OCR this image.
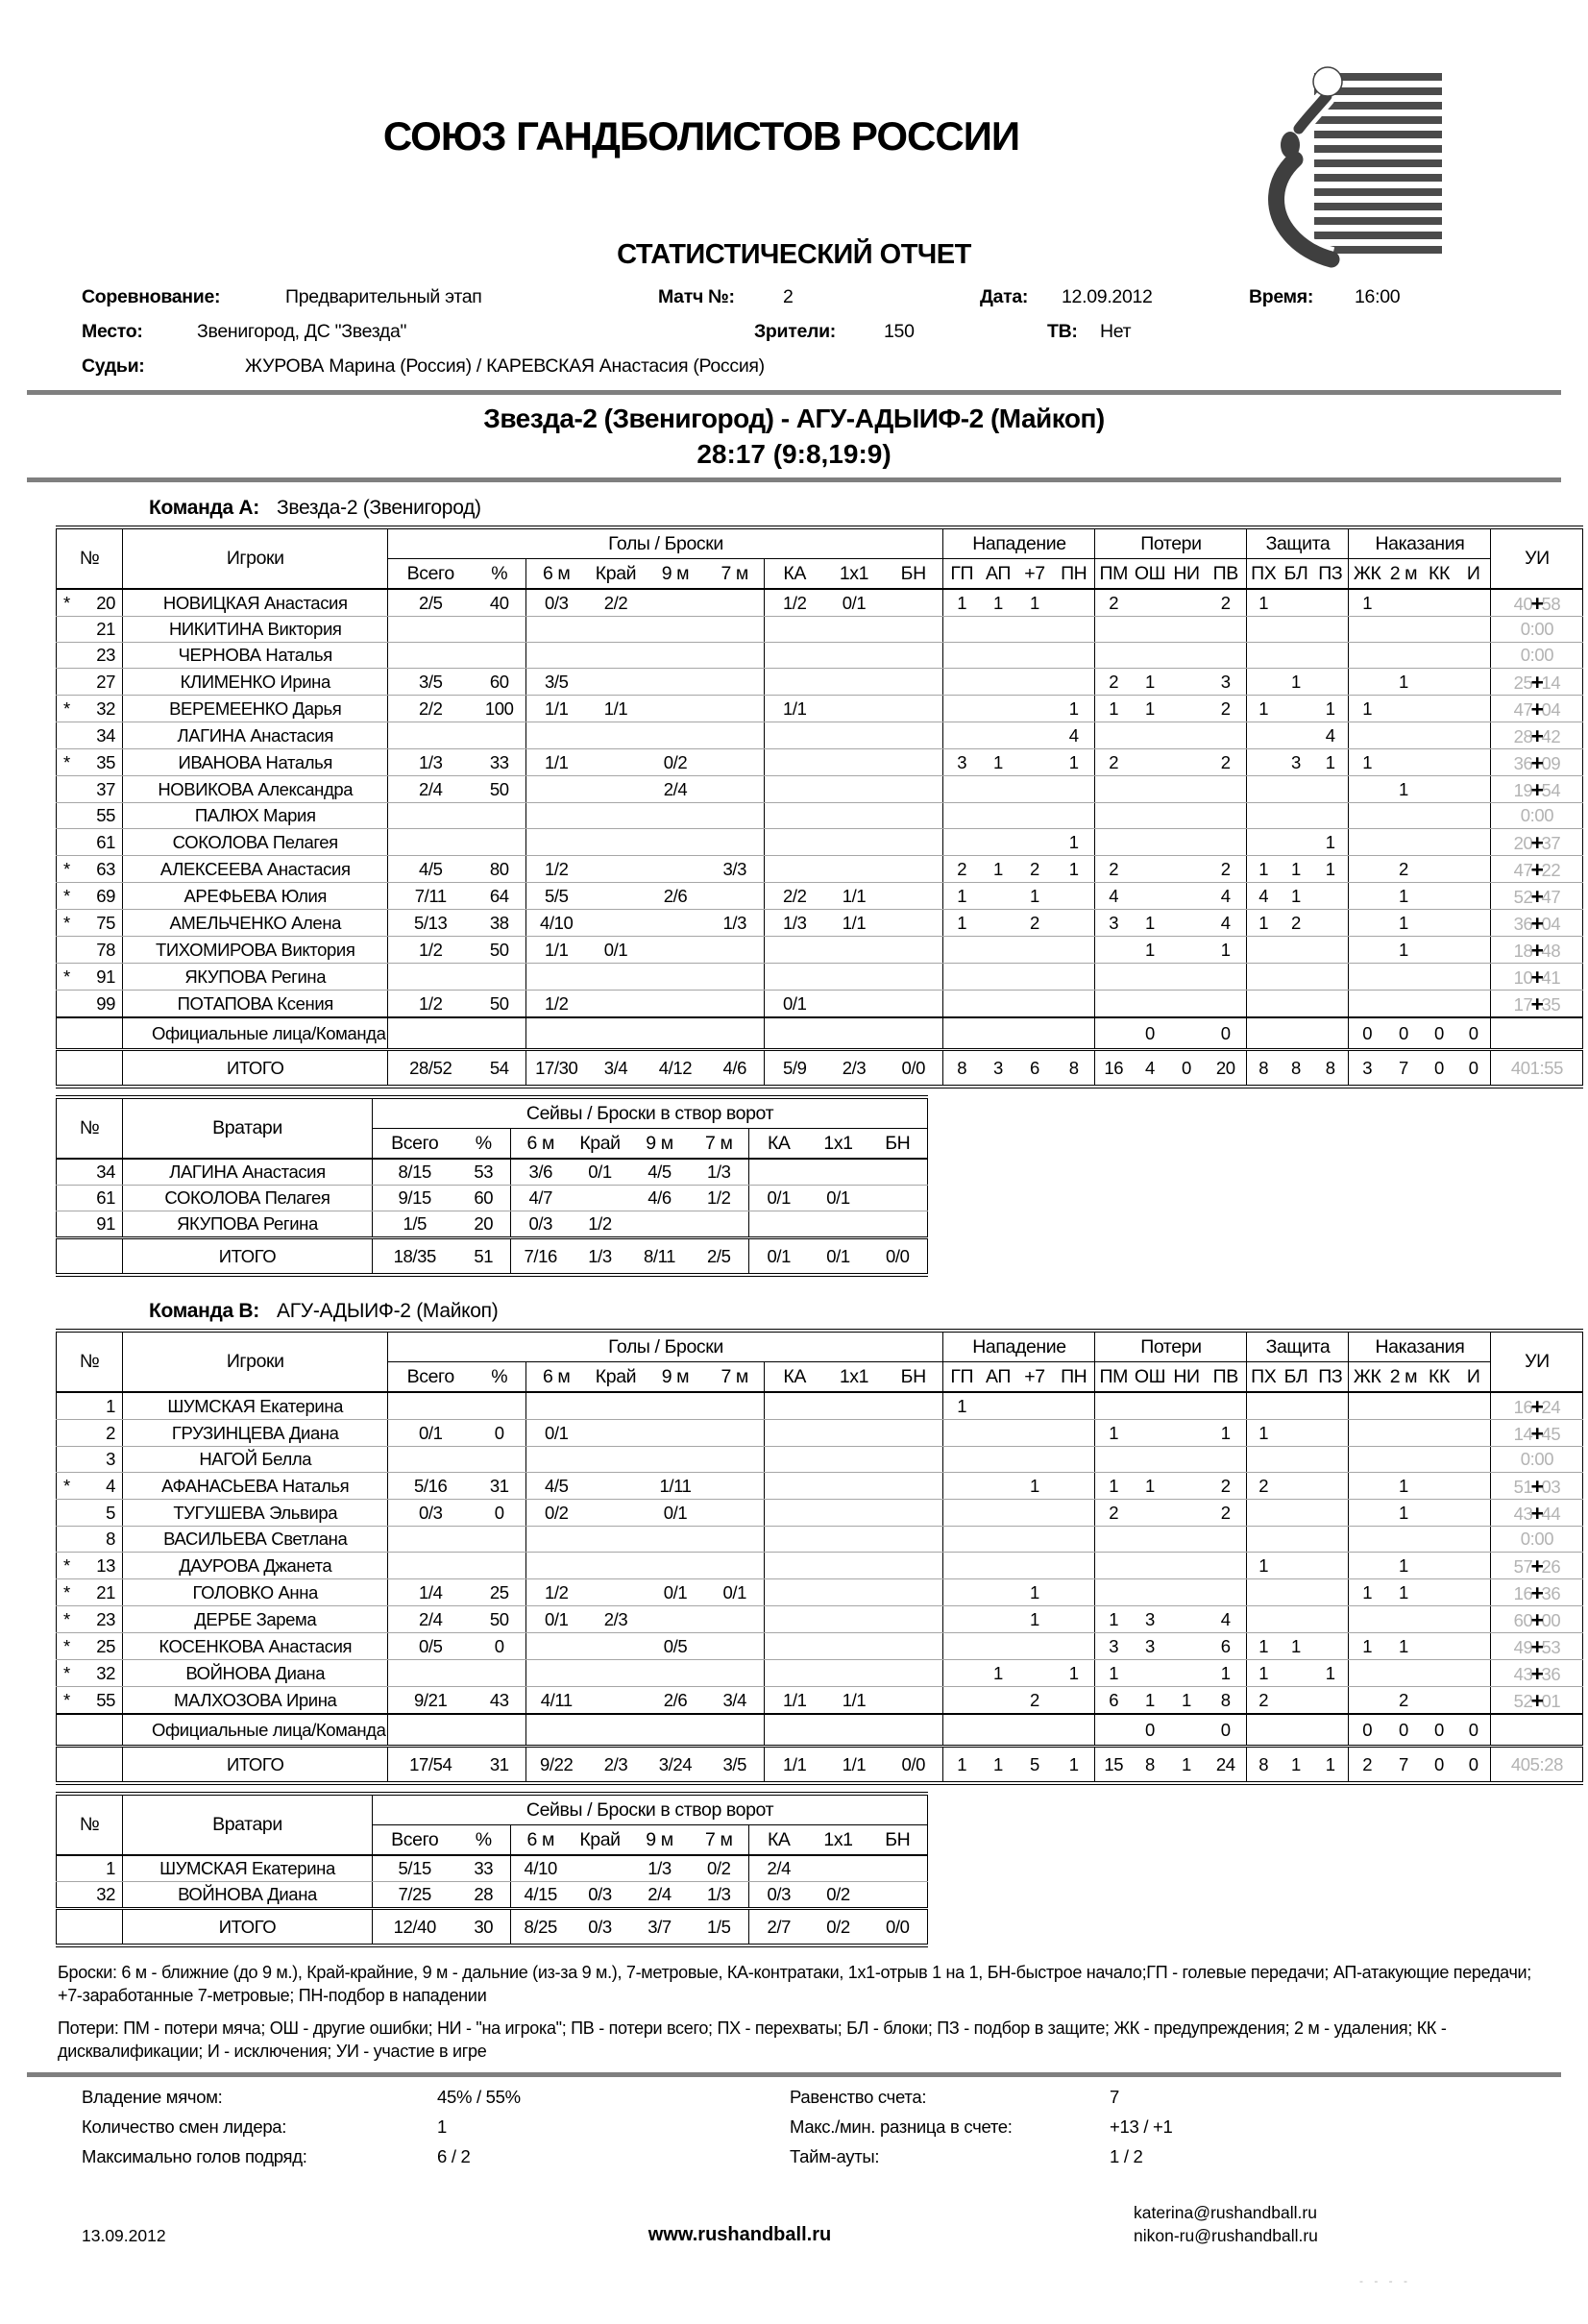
СОЮЗ ГАНДБОЛИСТОВ РОССИИ
СТАТИСТИЧЕСКИЙ ОТЧЕТ
Соревнование:	Предварительный этап	Матч №:	2	Дата: 12.09.2012	Время: 16:00
Место:	Звенигород, ДС "Звезда"	Зрители:	150	ТВ: Нет
Судьи:	ЖУРОВА Марина (Россия) / КАРЕВСКАЯ Анастасия (Россия)
Звезда-2 (Звенигород) - АГУ-АДЫИФ-2 (Майкоп)
28:17 (9:8,19:9)
Команда А: Звезда-2 (Звенигород)
№	Игроки	Голы / Броски									Нападение				Потери				Защита			Наказания				УИ
		Всего	%	6 м	Край	9 м	7 м	КА	1x1	БН	ГП	АП	+7	ПН	ПМ	ОШ	НИ	ПВ	ПХ	БЛ	ПЗ	ЖК	2 м	КК	И	
* 20	НОВИЦКАЯ Анастасия	2/5	40	0/3	2/2			1/2	0/1		1	1	1		2			2	1			1				40+58
21	НИКИТИНА Виктория																									0:00
23	ЧЕРНОВА Наталья																									0:00
27	КЛИМЕНКО Ирина	3/5	60	3/5											2	1		3		1			1			25+14
* 32	ВЕРЕМЕЕНКО Дарья	2/2	100	1/1	1/1			1/1						1	1	1		2	1		1	1				47+04
34	ЛАГИНА Анастасия													4							4					28+42
* 35	ИВАНОВА Наталья	1/3	33	1/1		0/2					3	1		1	2			2		3	1	1				36+09
37	НОВИКОВА Александра	2/4	50			2/4																	1			19+54
55	ПАЛЮХ Мария																									0:00
61	СОКОЛОВА Пелагея													1							1					20+37
* 63	АЛЕКСЕЕВА Анастасия	4/5	80	1/2			3/3				2	1	2	1	2			2	1	1	1		2			47+22
* 69	АРЕФЬЕВА Юлия	7/11	64	5/5		2/6		2/2	1/1		1		1		4			4	4	1			1			52+47
* 75	АМЕЛЬЧЕНКО Алена	5/13	38	4/10			1/3	1/3	1/1		1		2		3	1		4	1	2			1			36+04
78	ТИХОМИРОВА Виктория	1/2	50	1/1	0/1											1		1					1			18+48
* 91	ЯКУПОВА Регина																									10+41
99	ПОТАПОВА Ксения	1/2	50	1/2				0/1																		17+35
	Официальные лица/Команда															0		0				0	0	0	0	
	ИТОГО	28/52	54	17/30	3/4	4/12	4/6	5/9	2/3	0/0	8	3	6	8	16	4	0	20	8	8	8	3	7	0	0	401:55
№	Вратари	Сейвы / Броски в створ ворот								
		Всего	%	6 м	Край	9 м	7 м	КА	1x1	БН
34	ЛАГИНА Анастасия	8/15	53	3/6	0/1	4/5	1/3			
61	СОКОЛОВА Пелагея	9/15	60	4/7		4/6	1/2	0/1	0/1	
91	ЯКУПОВА Регина	1/5	20	0/3	1/2					
	ИТОГО	18/35	51	7/16	1/3	8/11	2/5	0/1	0/1	0/0
Команда В: АГУ-АДЫИФ-2 (Майкоп)
№	Игроки	Голы / Броски									Нападение				Потери				Защита			Наказания				УИ
		Всего	%	6 м	Край	9 м	7 м	КА	1x1	БН	ГП	АП	+7	ПН	ПМ	ОШ	НИ	ПВ	ПХ	БЛ	ПЗ	ЖК	2 м	КК	И	
1	ШУМСКАЯ Екатерина										1															16+24
2	ГРУЗИНЦЕВА Диана	0/1	0	0/1											1			1	1							14+45
3	НАГОЙ Белла																									0:00
* 4	АФАНАСЬЕВА Наталья	5/16	31	4/5		1/11							1		1	1		2	2				1			51+03
5	ТУГУШЕВА Эльвира	0/3	0	0/2		0/1									2			2					1			43+44
8	ВАСИЛЬЕВА Светлана																									0:00
* 13	ДАУРОВА Джанета																		1				1			57+26
* 21	ГОЛОВКО Анна	1/4	25	1/2		0/1	0/1						1									1	1			16+36
* 23	ДЕРБЕ Зарема	2/4	50	0/1	2/3								1		1	3		4								60+00
* 25	КОСЕНКОВА Анастасия	0/5	0			0/5									3	3		6	1	1		1	1			49+53
* 32	ВОЙНОВА Диана											1		1	1			1	1		1					43+36
* 55	МАЛХОЗОВА Ирина	9/21	43	4/11		2/6	3/4	1/1	1/1				2		6	1	1	8	2				2			52+01
	Официальные лица/Команда															0		0				0	0	0	0	
	ИТОГО	17/54	31	9/22	2/3	3/24	3/5	1/1	1/1	0/0	1	1	5	1	15	8	1	24	8	1	1	2	7	0	0	405:28
№	Вратари	Сейвы / Броски в створ ворот								
		Всего	%	6 м	Край	9 м	7 м	КА	1x1	БН
1	ШУМСКАЯ Екатерина	5/15	33	4/10		1/3	0/2	2/4		
32	ВОЙНОВА Диана	7/25	28	4/15	0/3	2/4	1/3	0/3	0/2	
	ИТОГО	12/40	30	8/25	0/3	3/7	1/5	2/7	0/2	0/0

Броски: 6 м - ближние (до 9 м.), Край-крайние, 9 м - дальние (из-за 9 м.), 7-метровые, КА-контратаки, 1х1-отрыв 1 на 1, БН-быстрое начало;ГП - голевые передачи; АП-атакующие передачи; +7-заработанные 7-метровые; ПН-подбор в нападении

Потери: ПМ - потери мяча; ОШ - другие ошибки; НИ - "на игрока"; ПВ - потери всего; ПХ - перехваты; БЛ - блоки; ПЗ - подбор в защите; ЖК - предупреждения; 2 м - удаления; КК - дисквалификации; И - исключения; УИ - участие в игре

Владение мячом:	45% / 55%	Равенство счета:	7
Количество смен лидера:	1	Макс./мин. разница в счете:	+13 / +1
Максимально голов подряд:	6 / 2	Тайм-ауты:	1 / 2
13.09.2012	www.rushandball.ru
katerina@rushandball.ru
nikon-ru@rushandball.ru
- - - -
